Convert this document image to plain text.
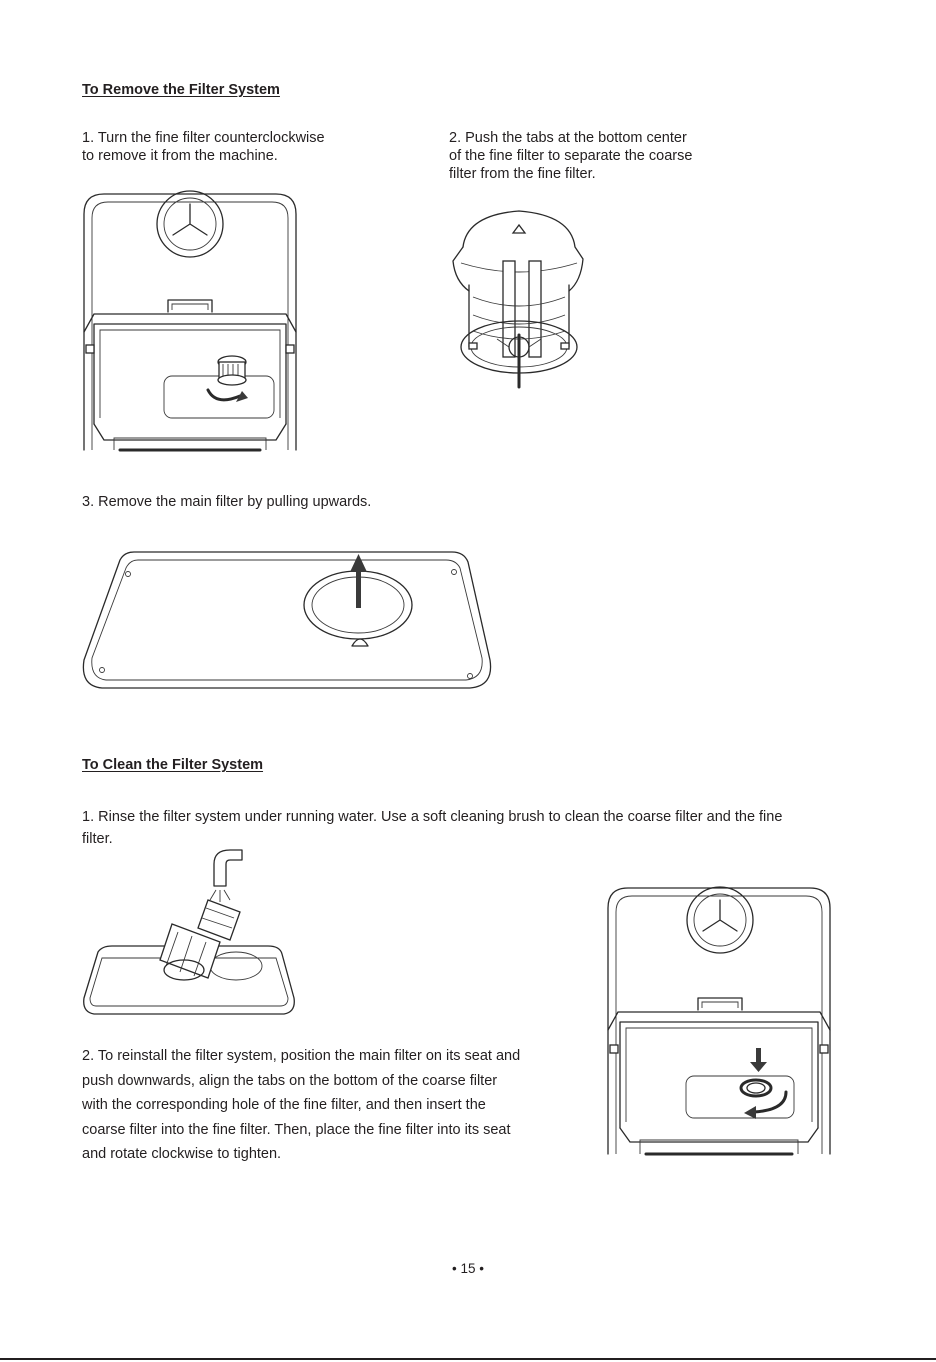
To Remove the Filter System

1. Turn the fine filter counterclockwise

to remove it from the machine.

2. Push the tabs at the bottom center

of the fine filter to separate the coarse

filter from the fine filter.

3. Remove the main filter by pulling upwards.
To Clean the Filter System

1. Rinse the filter system under running water. Use a soft cleaning brush to clean the coarse filter and the fine

filter.

2. To reinstall the filter system, position the main filter on its seat and

push downwards, align the tabs on the bottom of the coarse filter

with the corresponding hole of the fine filter, and then insert the

coarse filter into the fine filter. Then, place the fine filter into its seat

and rotate clockwise to tighten.

• 15 •
